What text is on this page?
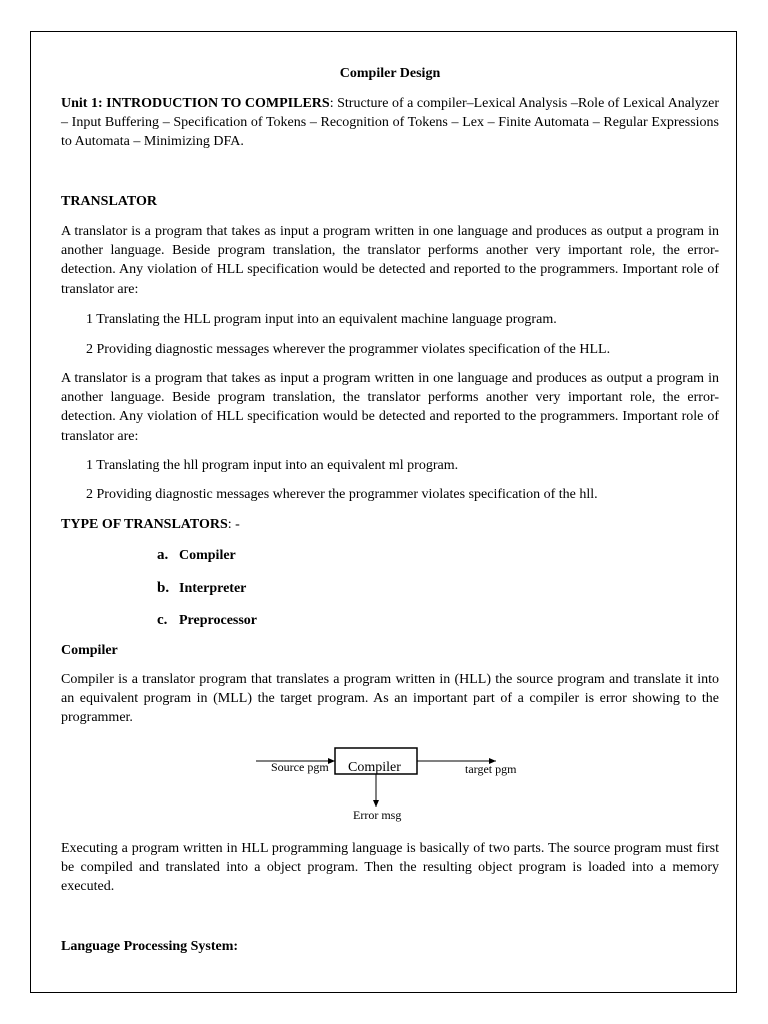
Compiler Design

Unit 1: INTRODUCTION TO COMPILERS: Structure of a compiler–Lexical Analysis –Role of Lexical Analyzer – Input Buffering – Specification of Tokens – Recognition of Tokens – Lex – Finite Automata – Regular Expressions to Automata – Minimizing DFA.

TRANSLATOR

A translator is a program that takes as input a program written in one language and produces as output a program in another language. Beside program translation, the translator performs another very important role, the error-detection. Any violation of HLL specification would be detected and reported to the programmers. Important role of translator are:

1 Translating the HLL program input into an equivalent machine language program.
2 Providing diagnostic messages wherever the programmer violates specification of the HLL.

A translator is a program that takes as input a program written in one language and produces as output a program in another language. Beside program translation, the translator performs another very important role, the error-detection. Any violation of HLL specification would be detected and reported to the programmers. Important role of translator are:

1 Translating the hll program input into an equivalent ml program.
2 Providing diagnostic messages wherever the programmer violates specification of the hll.
TYPE OF TRANSLATORS: -
a. Compiler
b. Interpreter
c. Preprocessor
Compiler

Compiler is a translator program that translates a program written in (HLL) the source program and translate it into an equivalent program in (MLL) the target program. As an important part of a compiler is error showing to the programmer.

Executing a program written in HLL programming language is basically of two parts. The source program must first be compiled and translated into a object program. Then the resulting object program is loaded into a memory executed.

Language Processing System:
Source pgm Compiler	target pgm
Error msg
